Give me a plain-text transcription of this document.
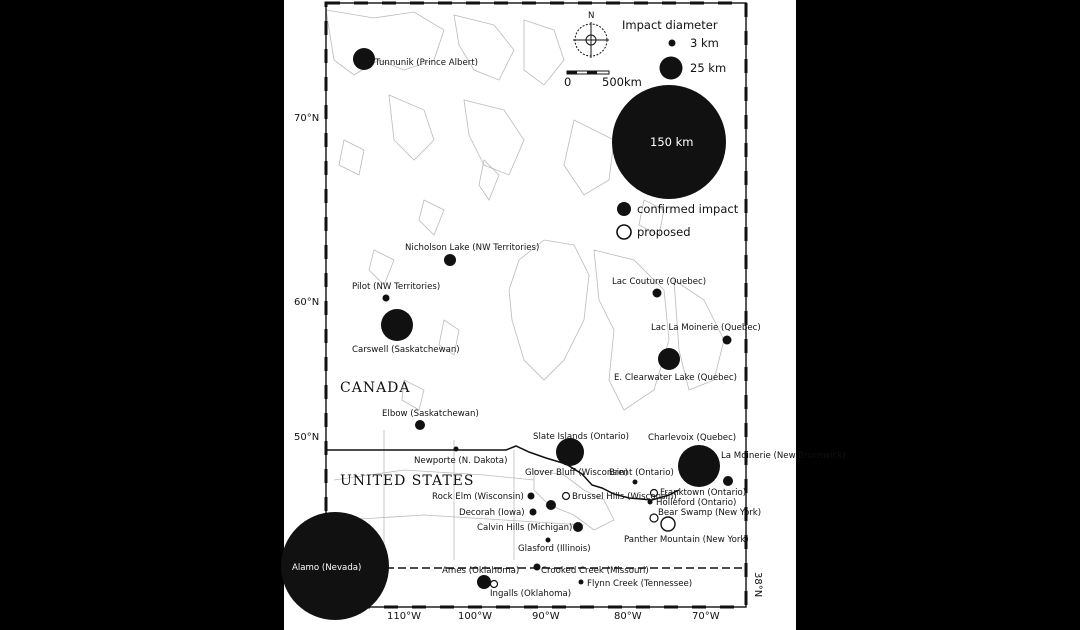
70°N
60°N
50°N
38°N
110°W	100°W	90°W	80°W	70°W
CANADA
UNITED STATES
N
0	500km
Impact diameter
3 km
25 km
150 km
confirmed impact
proposed
Tunnunik (Prince Albert)
Nicholson Lake (NW Territories)
Pilot (NW Territories)
Carswell (Saskatchewan)
Elbow (Saskatchewan)
Newporte (N. Dakota)
Lac Couture (Quebec)
Lac La Moinerie (Quebec)
E. Clearwater Lake (Quebec)
Slate Islands (Ontario) Charlevoix (Quebec)
La Moinerie (New Brunswick)
Brent (Ontario)
Glover Bluff (Wisconsin)
Rock Elm (Wisconsin)	Brussel Hills (Wisconsin)
Decorah (Iowa)
Calvin Hills (Michigan)
Glasford (Illinois)
Franktown (Ontario)
Holleford (Ontario)
Bear Swamp (New York)
Panther Mountain (New York)
Alamo (Nevada)	Ames (Oklahoma)
Ingalls (Oklahoma)
Crooked Creek (Missouri)
Flynn Creek (Tennessee)
